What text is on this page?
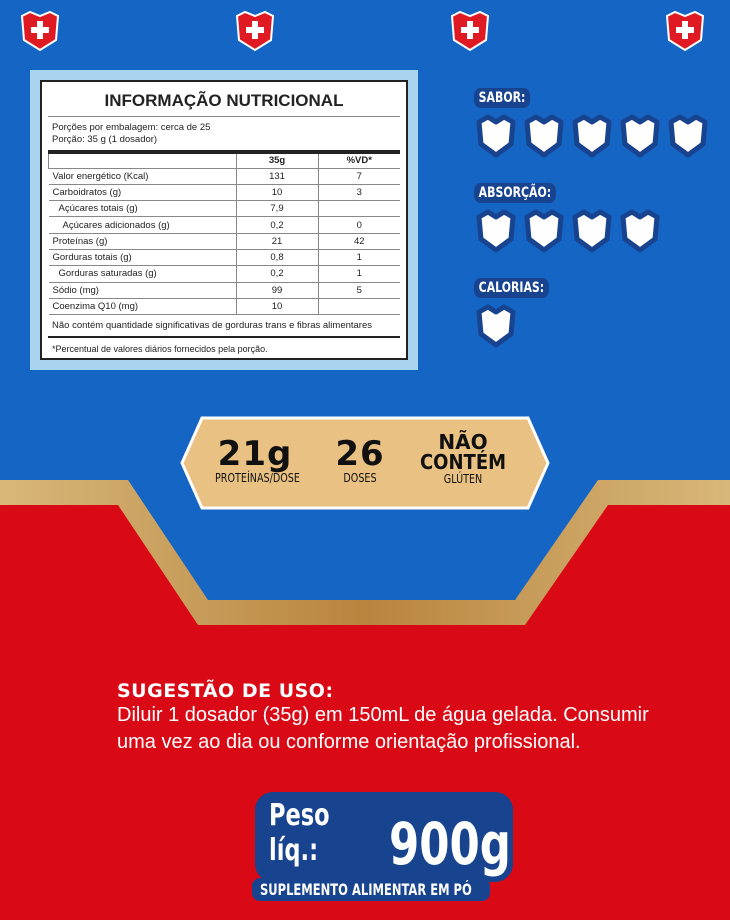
INFORMAÇÃO NUTRICIONAL
Porções por embalagem: cerca de 25
Porção: 35 g (1 dosador)
	35g	%VD*
Valor energético (Kcal)	131	7
Carboidratos (g)	10	3
Açúcares totais (g)	7,9	
Açúcares adicionados (g)	0,2	0
Proteínas (g)	21	42
Gorduras totais (g)	0,8	1
Gorduras saturadas (g)	0,2	1
Sódio (mg)	99	5
Coenzima Q10 (mg)	10	
Não contém quantidade significativas de gorduras trans e fibras alimentares
*Percentual de valores diários fornecidos pela porção.
SABOR:
ABSORÇÃO:
CALORIAS:
21g
PROTEÍNAS/DOSE
26
DOSES
NÃO
CONTÉM
GLÚTEN
SUGESTÃO DE USO:

Diluir 1 dosador (35g) em 150mL de água gelada. Consumir uma vez ao dia ou conforme orientação profissional.

Peso líq.:	900g
SUPLEMENTO ALIMENTAR EM PÓ
